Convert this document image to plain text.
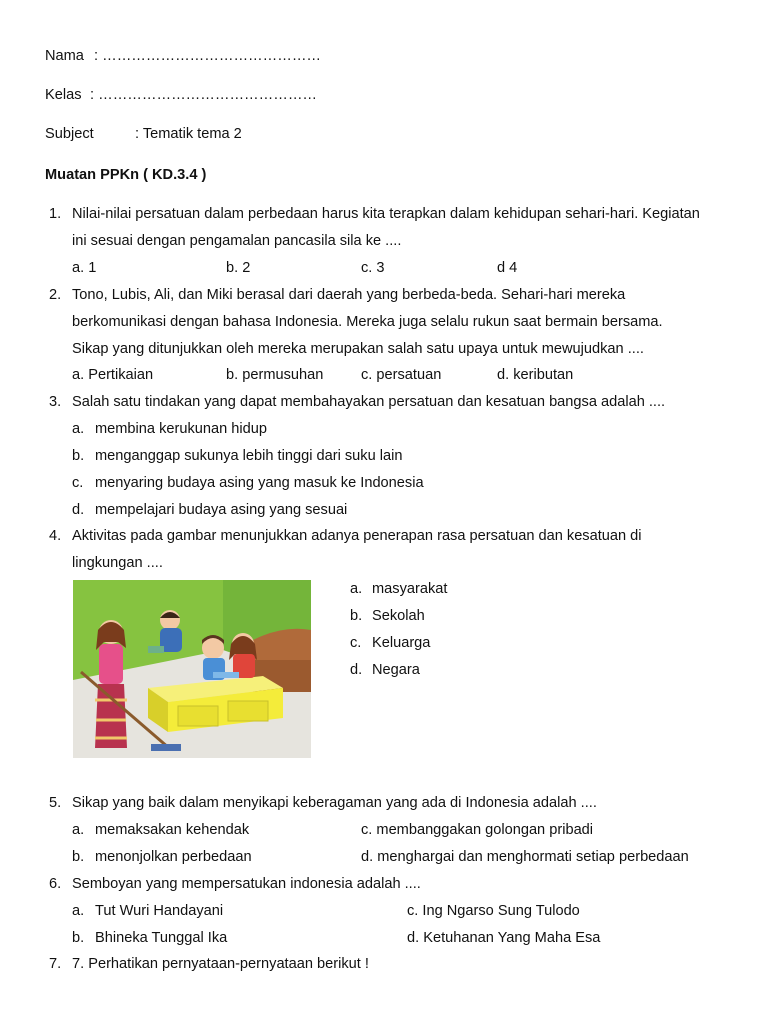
Nama : ………………………………………
Kelas : ………………………………………
Subject	: Tematik tema 2
Muatan PPKn ( KD.3.4 )
1. Nilai-nilai persatuan dalam perbedaan harus kita terapkan dalam kehidupan sehari-hari. Kegiatan
ini sesuai dengan pengamalan pancasila sila ke ....
a. 1	b. 2	c. 3	d 4
2. Tono, Lubis, Ali, dan Miki berasal dari daerah yang berbeda-beda. Sehari-hari mereka
berkomunikasi dengan bahasa Indonesia. Mereka juga selalu rukun saat bermain bersama.
Sikap yang ditunjukkan oleh mereka merupakan salah satu upaya untuk mewujudkan ....
a. Pertikaian	b. permusuhan	c. persatuan	d. keributan
3. Salah satu tindakan yang dapat membahayakan persatuan dan kesatuan bangsa adalah ....
a. membina kerukunan hidup
b. menganggap sukunya lebih tinggi dari suku lain
c. menyaring budaya asing yang masuk ke Indonesia
d. mempelajari budaya asing yang sesuai
4. Aktivitas pada gambar menunjukkan adanya penerapan rasa persatuan dan kesatuan di
lingkungan ....
a. masyarakat
b. Sekolah
c. Keluarga
d. Negara
5. Sikap yang baik dalam menyikapi keberagaman yang ada di Indonesia adalah ....
a. memaksakan kehendak	c. membanggakan golongan pribadi
b. menonjolkan perbedaan	d. menghargai dan menghormati setiap perbedaan
6. Semboyan yang mempersatukan indonesia adalah ....
a. Tut Wuri Handayani	c. Ing Ngarso Sung Tulodo
b. Bhineka Tunggal Ika	d. Ketuhanan Yang Maha Esa
7. 7. Perhatikan pernyataan-pernyataan berikut !
